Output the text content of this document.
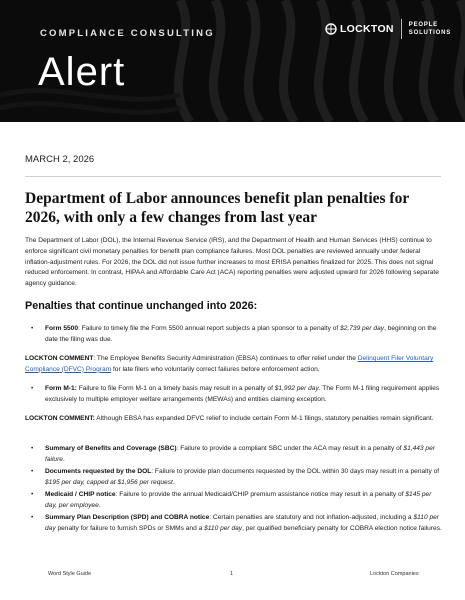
COMPLIANCE CONSULTING
Alert
LOCKTON	PEOPLE
SOLUTIONS
MARCH 2, 2026
Department of Labor announces benefit plan penalties for 2026, with only a few changes from last year
The Department of Labor (DOL), the Internal Revenue Service (IRS), and the Department of Health and Human Services (HHS) continue to enforce significant civil monetary penalties for benefit plan compliance failures. Most DOL penalties are reviewed annually under federal inflation-adjustment rules. For 2026, the DOL did not issue further increases to most ERISA penalties finalized for 2025. This does not signal reduced enforcement. In contrast, HIPAA and Affordable Care Act (ACA) reporting penalties were adjusted upward for 2026 following separate agency guidance.
Penalties that continue unchanged into 2026:
• Form 5500: Failure to timely file the Form 5500 annual report subjects a plan sponsor to a penalty of $2,739 per day, beginning on the date the filing was due.
LOCKTON COMMENT: The Employee Benefits Security Administration (EBSA) continues to offer relief under the Delinquent Filer Voluntary Compliance (DFVC) Program for late filers who voluntarily correct failures before enforcement action.
• Form M-1: Failure to file Form M-1 on a timely basis may result in a penalty of $1,992 per day. The Form M-1 filing requirement applies exclusively to multiple employer welfare arrangements (MEWAs) and entities claiming exception.
LOCKTON COMMENT: Although EBSA has expanded DFVC relief to include certain Form M-1 filings, statutory penalties remain significant.
• Summary of Benefits and Coverage (SBC): Failure to provide a compliant SBC under the ACA may result in a penalty of $1,443 per failure.
• Documents requested by the DOL: Failure to provide plan documents requested by the DOL within 30 days may result in a penalty of $195 per day, capped at $1,956 per request.
• Medicaid / CHIP notice: Failure to provide the annual Medicaid/CHIP premium assistance notice may result in a penalty of $145 per day, per employee.
• Summary Plan Description (SPD) and COBRA notice: Certain penalties are statutory and not inflation-adjusted, including a $110 per day penalty for failure to furnish SPDs or SMMs and a $110 per day, per qualified beneficiary penalty for COBRA election notice failures.
Word Style Guide	1	Lockton Companies
